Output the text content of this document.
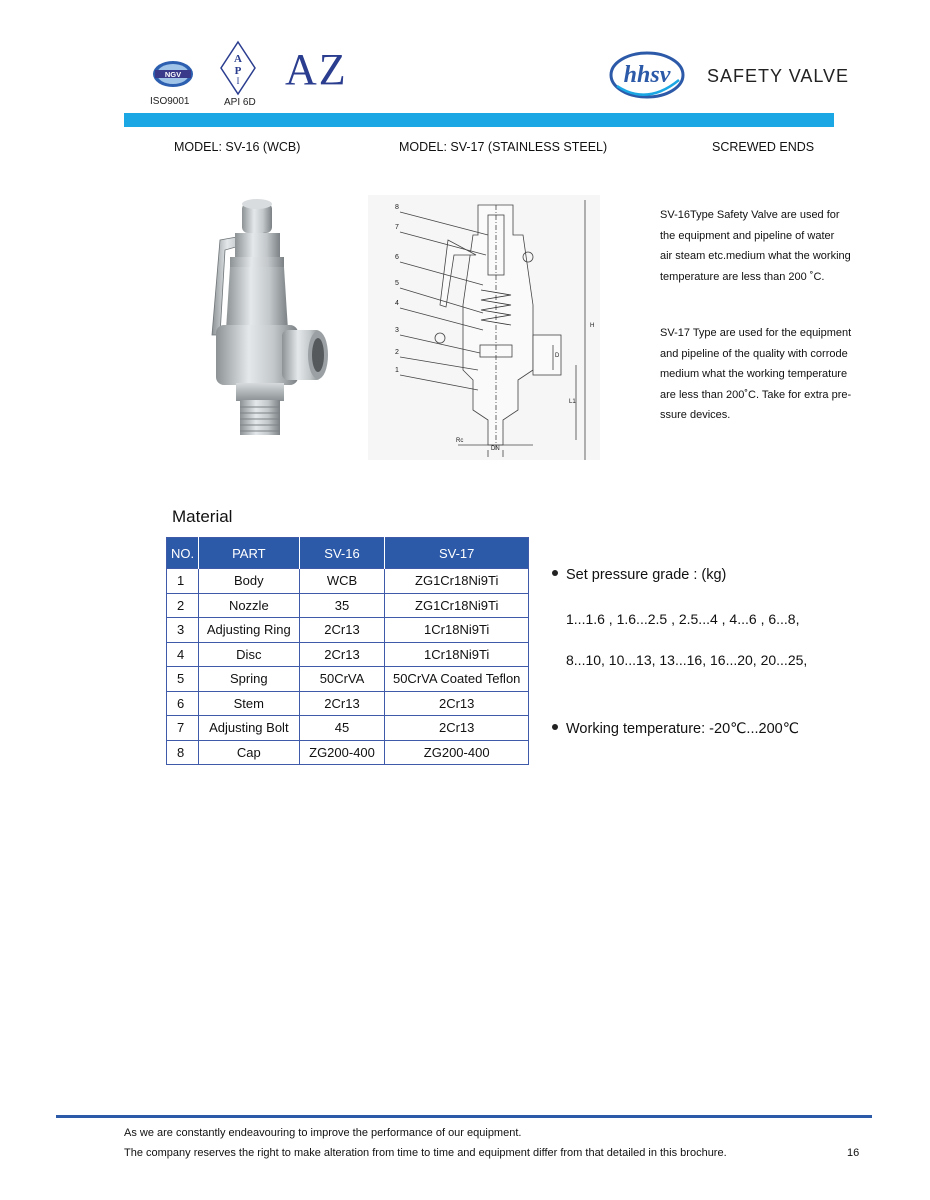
NGV
ISO9001
A
P
I
API 6D
AZ	hhsv SAFETY VALVE
MODEL: SV-16 (WCB)	MODEL: SV-17 (STAINLESS STEEL)	SCREWED ENDS
8
7
6
5
4
3
2
1
H
D
L1
Rc
DN

SV-16Type Safety Valve are used for

the equipment and pipeline of water

air steam etc.medium what the working

temperature are less than 200 ˚C.

SV-17 Type are used for the equipment

and pipeline of the quality with corrode

medium what the working temperature

are less than 200˚C. Take for extra pre-

ssure devices.

Material
NO.	PART	SV-16	SV-17
1	Body	WCB	ZG1Cr18Ni9Ti
2	Nozzle	35	ZG1Cr18Ni9Ti
3	Adjusting Ring	2Cr13	1Cr18Ni9Ti
4	Disc	2Cr13	1Cr18Ni9Ti
5	Spring	50CrVA	50CrVA Coated Teflon
6	Stem	2Cr13	2Cr13
7	Adjusting Bolt	45	2Cr13
8	Cap	ZG200-400	ZG200-400
Set pressure grade : (kg)
1...1.6 , 1.6...2.5 , 2.5...4 , 4...6 , 6...8,
8...10, 10...13, 13...16, 16...20, 20...25,
Working temperature: -20℃...200℃
As we are constantly endeavouring to improve the performance of our equipment.
The company reserves the right to make alteration from time to time and equipment differ from that detailed in this brochure.	16
